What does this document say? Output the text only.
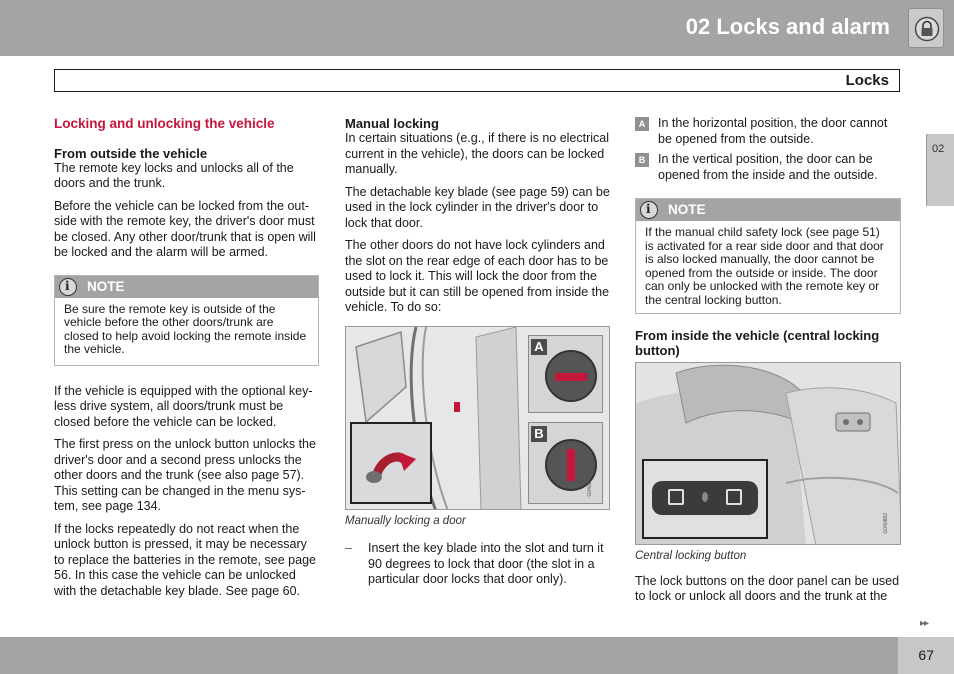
02 Locks and alarm
Locks
02
Locking and unlocking the vehicle
From outside the vehicle

The remote key locks and unlocks all of the doors and the trunk.

Before the vehicle can be locked from the out-side with the remote key, the driver's door must be closed. Any other door/trunk that is open will be locked and the alarm will be armed.

i
NOTE
Be sure the remote key is outside of the vehicle before the other doors/trunk are closed to help avoid locking the remote inside the vehicle.

If the vehicle is equipped with the optional key-less drive system, all doors/trunk must be closed before the vehicle can be locked.

The first press on the unlock button unlocks the driver's door and a second press unlocks the other doors and the trunk (see also page 57). This setting can be changed in the menu sys-tem, see page 134.

If the locks repeatedly do not react when the unlock button is pressed, it may be necessary to replace the batteries in the remote, see page 56. In this case the vehicle can be unlocked with the detachable key blade. See page 60.

Manual locking

In certain situations (e.g., if there is no electrical current in the vehicle), the doors can be locked manually.

The detachable key blade (see page 59) can be used in the lock cylinder in the driver's door to lock that door.

The other doors do not have lock cylinders and the slot on the rear edge of each door has to be used to lock it. This will lock the door from the outside but it can still be opened from inside the vehicle. To do so:

A
B
G040881
Manually locking a door
–	Insert the key blade into the slot and turn it 90 degrees to lock that door (the slot in a particular door locks that door only).
A	In the horizontal position, the door cannot be opened from the outside.
B	In the vertical position, the door can be opened from the inside and the outside.
i
NOTE
If the manual child safety lock (see page 51) is activated for a rear side door and that door is also locked manually, the door cannot be opened from the outside or inside. The door can only be unlocked with the remote key or the central locking button.
From inside the vehicle (central locking button)
G040882
Central locking button

The lock buttons on the door panel can be used to lock or unlock all doors and the trunk at the

▸▸
67
